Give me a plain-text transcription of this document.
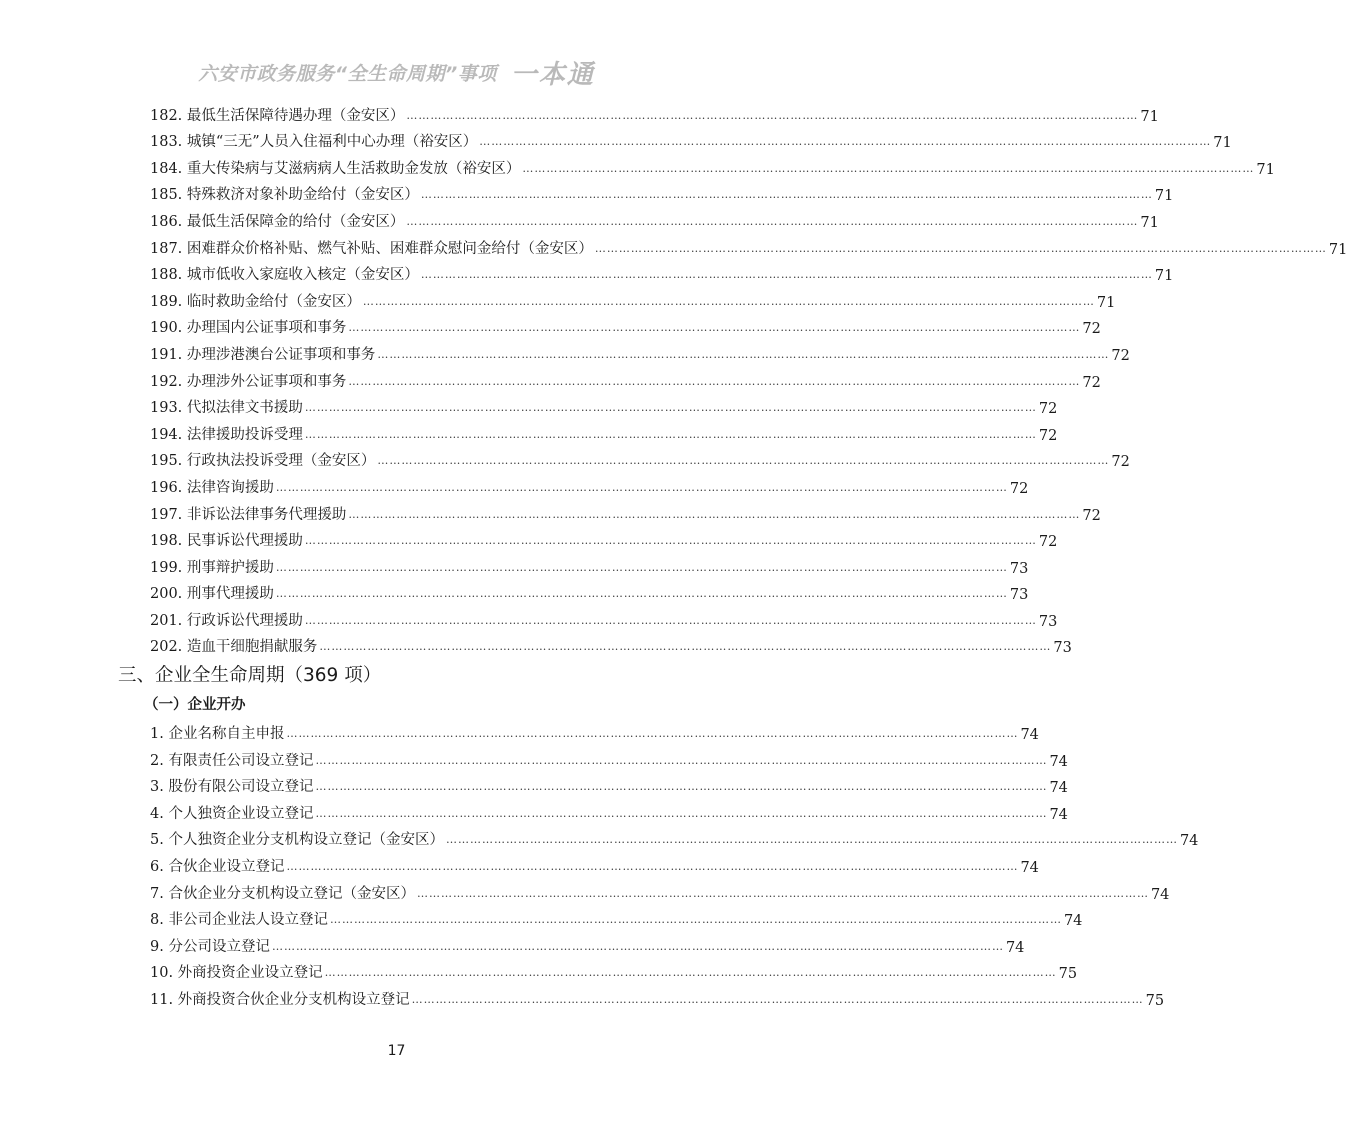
六安市政务服务“全生命周期”事项 一本通
182. 最低生活保障待遇办理（金安区） ………………………………………………………………………………………………………………………………………………………………… 71
183. 城镇“三无”人员入住福利中心办理（裕安区） ………………………………………………………………………………………………………………………………………………………………… 71
184. 重大传染病与艾滋病病人生活救助金发放（裕安区） ………………………………………………………………………………………………………………………………………………………………… 71
185. 特殊救济对象补助金给付（金安区） ………………………………………………………………………………………………………………………………………………………………… 71
186. 最低生活保障金的给付（金安区） ………………………………………………………………………………………………………………………………………………………………… 71
187. 困难群众价格补贴、燃气补贴、困难群众慰问金给付（金安区） ………………………………………………………………………………………………………………………………………………………………… 71
188. 城市低收入家庭收入核定（金安区） ………………………………………………………………………………………………………………………………………………………………… 71
189. 临时救助金给付（金安区） ………………………………………………………………………………………………………………………………………………………………… 71
190. 办理国内公证事项和事务 ………………………………………………………………………………………………………………………………………………………………… 72
191. 办理涉港澳台公证事项和事务 ………………………………………………………………………………………………………………………………………………………………… 72
192. 办理涉外公证事项和事务 ………………………………………………………………………………………………………………………………………………………………… 72
193. 代拟法律文书援助 ………………………………………………………………………………………………………………………………………………………………… 72
194. 法律援助投诉受理 ………………………………………………………………………………………………………………………………………………………………… 72
195. 行政执法投诉受理（金安区） ………………………………………………………………………………………………………………………………………………………………… 72
196. 法律咨询援助 ………………………………………………………………………………………………………………………………………………………………… 72
197. 非诉讼法律事务代理援助 ………………………………………………………………………………………………………………………………………………………………… 72
198. 民事诉讼代理援助 ………………………………………………………………………………………………………………………………………………………………… 72
199. 刑事辩护援助 ………………………………………………………………………………………………………………………………………………………………… 73
200. 刑事代理援助 ………………………………………………………………………………………………………………………………………………………………… 73
201. 行政诉讼代理援助 ………………………………………………………………………………………………………………………………………………………………… 73
202. 造血干细胞捐献服务 ………………………………………………………………………………………………………………………………………………………………… 73
三、企业全生命周期（369 项）
（一）企业开办
1. 企业名称自主申报 ………………………………………………………………………………………………………………………………………………………………… 74
2. 有限责任公司设立登记 ………………………………………………………………………………………………………………………………………………………………… 74
3. 股份有限公司设立登记 ………………………………………………………………………………………………………………………………………………………………… 74
4. 个人独资企业设立登记 ………………………………………………………………………………………………………………………………………………………………… 74
5. 个人独资企业分支机构设立登记（金安区） ………………………………………………………………………………………………………………………………………………………………… 74
6. 合伙企业设立登记 ………………………………………………………………………………………………………………………………………………………………… 74
7. 合伙企业分支机构设立登记（金安区） ………………………………………………………………………………………………………………………………………………………………… 74
8. 非公司企业法人设立登记 ………………………………………………………………………………………………………………………………………………………………… 74
9. 分公司设立登记 ………………………………………………………………………………………………………………………………………………………………… 74
10. 外商投资企业设立登记 ………………………………………………………………………………………………………………………………………………………………… 75
11. 外商投资合伙企业分支机构设立登记 ………………………………………………………………………………………………………………………………………………………………… 75
17
